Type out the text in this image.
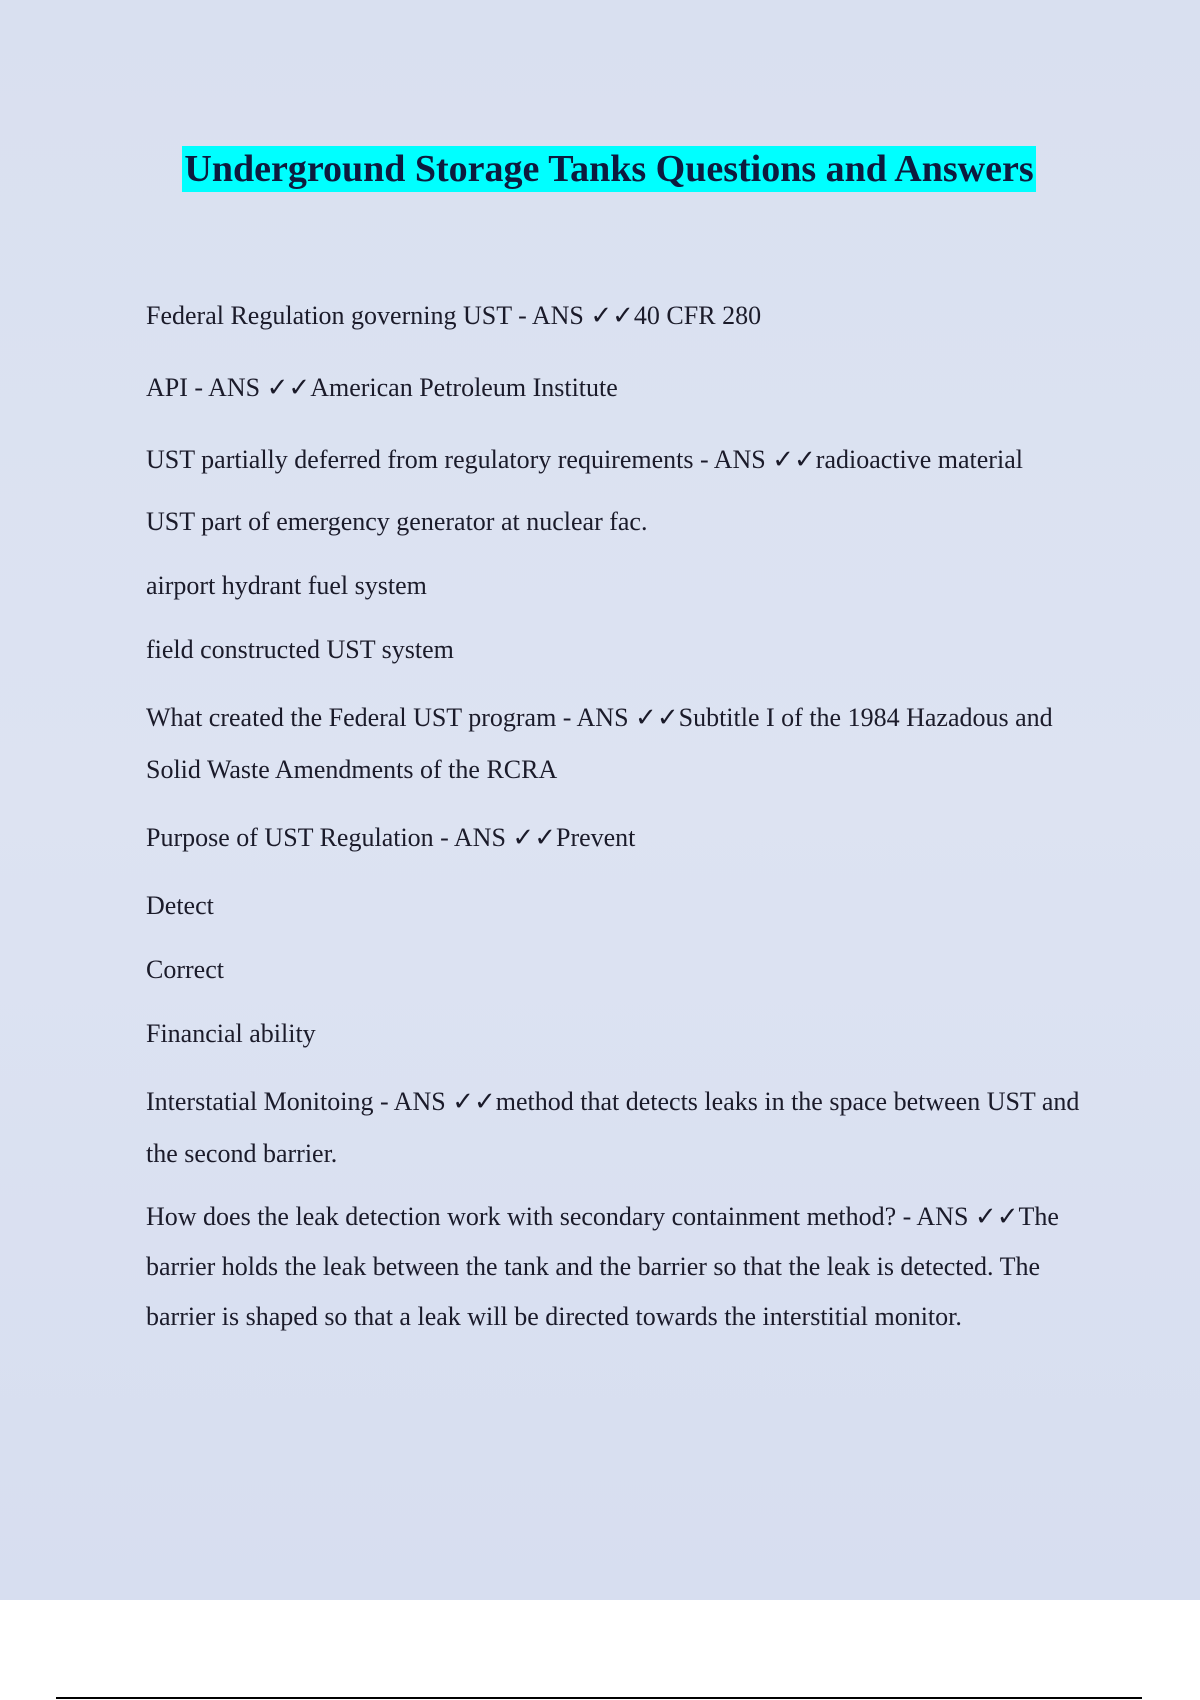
Underground Storage Tanks Questions and Answers

Federal Regulation governing UST - ANS ✓✓40 CFR 280

API - ANS ✓✓American Petroleum Institute

UST partially deferred from regulatory requirements - ANS ✓✓radioactive material

UST part of emergency generator at nuclear fac.

airport hydrant fuel system

field constructed UST system

What created the Federal UST program - ANS ✓✓Subtitle I of the 1984 Hazadous and Solid Waste Amendments of the RCRA

Purpose of UST Regulation - ANS ✓✓Prevent

Detect

Correct

Financial ability

Interstatial Monitoing - ANS ✓✓method that detects leaks in the space between UST and the second barrier.

How does the leak detection work with secondary containment method? - ANS ✓✓The barrier holds the leak between the tank and the barrier so that the leak is detected. The barrier is shaped so that a leak will be directed towards the interstitial monitor.
